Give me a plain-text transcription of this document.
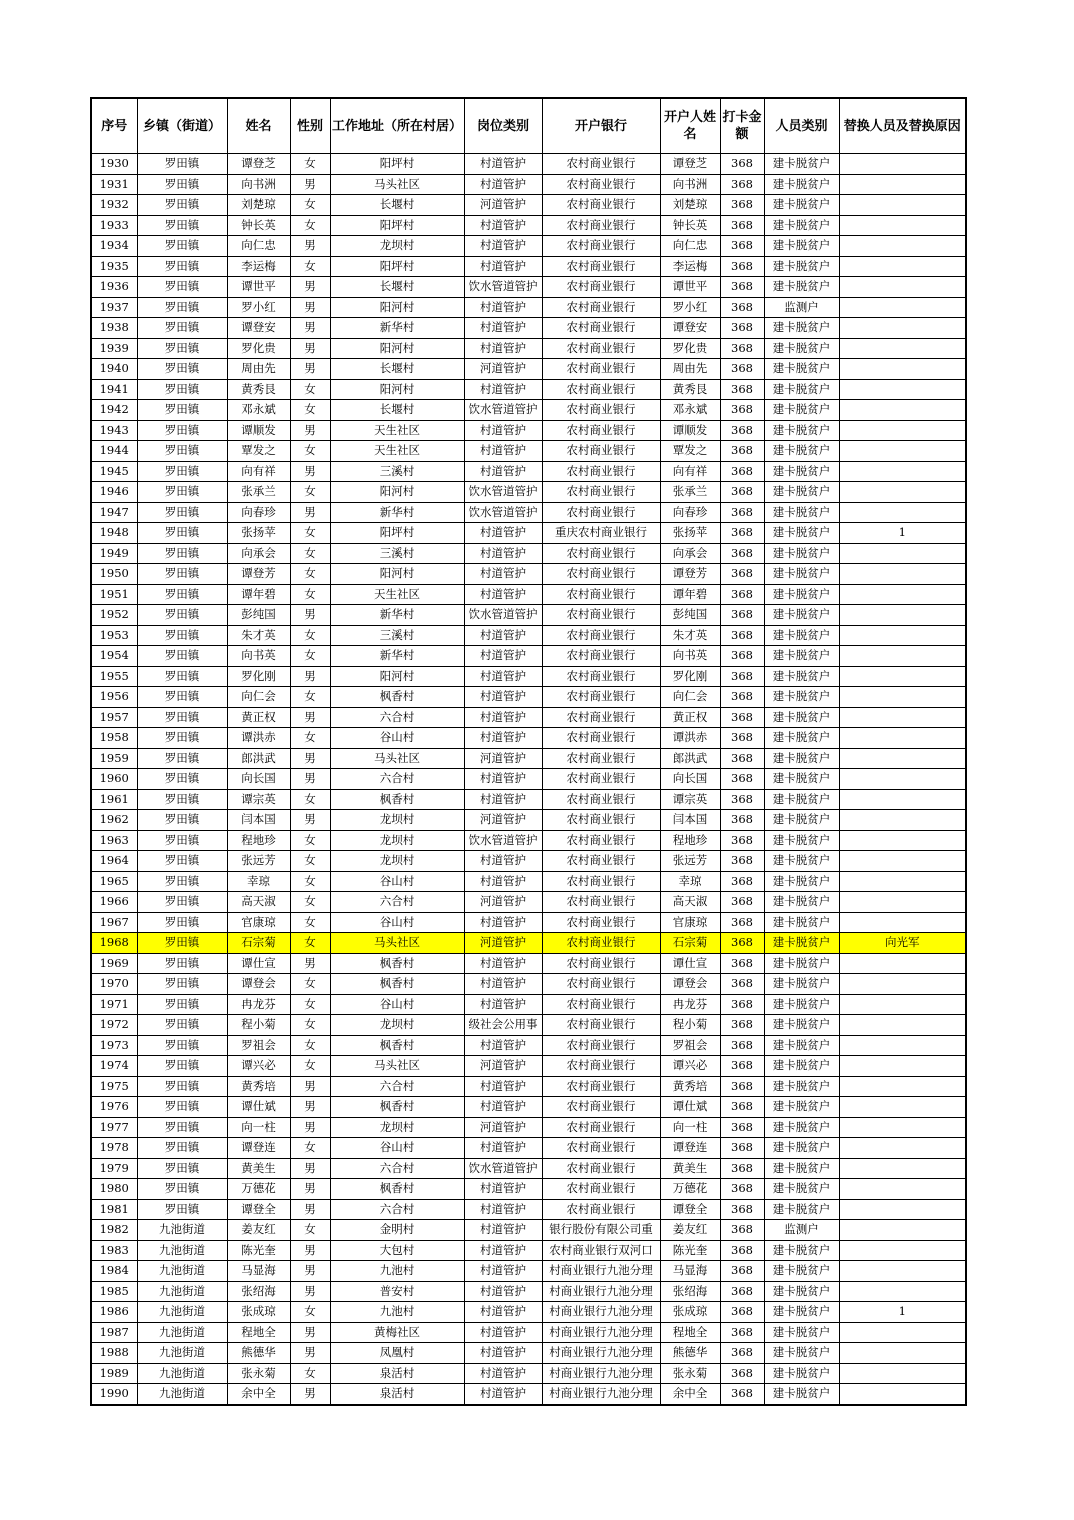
序号	乡镇（街道）	姓名	性别	工作地址（所在村居）	岗位类别	开户银行	开户人姓名	打卡金额	人员类别	替换人员及替换原因
1930	罗田镇	谭登芝	女	阳坪村	村道管护	农村商业银行	谭登芝	368	建卡脱贫户	
1931	罗田镇	向书洲	男	马头社区	村道管护	农村商业银行	向书洲	368	建卡脱贫户	
1932	罗田镇	刘楚琼	女	长堰村	河道管护	农村商业银行	刘楚琼	368	建卡脱贫户	
1933	罗田镇	钟长英	女	阳坪村	村道管护	农村商业银行	钟长英	368	建卡脱贫户	
1934	罗田镇	向仁忠	男	龙坝村	村道管护	农村商业银行	向仁忠	368	建卡脱贫户	
1935	罗田镇	李运梅	女	阳坪村	村道管护	农村商业银行	李运梅	368	建卡脱贫户	
1936	罗田镇	谭世平	男	长堰村	饮水管道管护	农村商业银行	谭世平	368	建卡脱贫户	
1937	罗田镇	罗小红	男	阳河村	村道管护	农村商业银行	罗小红	368	监测户	
1938	罗田镇	谭登安	男	新华村	村道管护	农村商业银行	谭登安	368	建卡脱贫户	
1939	罗田镇	罗化贵	男	阳河村	村道管护	农村商业银行	罗化贵	368	建卡脱贫户	
1940	罗田镇	周由先	男	长堰村	河道管护	农村商业银行	周由先	368	建卡脱贫户	
1941	罗田镇	黄秀艮	女	阳河村	村道管护	农村商业银行	黄秀艮	368	建卡脱贫户	
1942	罗田镇	邓永斌	女	长堰村	饮水管道管护	农村商业银行	邓永斌	368	建卡脱贫户	
1943	罗田镇	谭顺发	男	天生社区	村道管护	农村商业银行	谭顺发	368	建卡脱贫户	
1944	罗田镇	覃发之	女	天生社区	村道管护	农村商业银行	覃发之	368	建卡脱贫户	
1945	罗田镇	向有祥	男	三溪村	村道管护	农村商业银行	向有祥	368	建卡脱贫户	
1946	罗田镇	张承兰	女	阳河村	饮水管道管护	农村商业银行	张承兰	368	建卡脱贫户	
1947	罗田镇	向春珍	男	新华村	饮水管道管护	农村商业银行	向春珍	368	建卡脱贫户	
1948	罗田镇	张扬苹	女	阳坪村	村道管护	重庆农村商业银行	张扬苹	368	建卡脱贫户	1
1949	罗田镇	向承会	女	三溪村	村道管护	农村商业银行	向承会	368	建卡脱贫户	
1950	罗田镇	谭登芳	女	阳河村	村道管护	农村商业银行	谭登芳	368	建卡脱贫户	
1951	罗田镇	谭年碧	女	天生社区	村道管护	农村商业银行	谭年碧	368	建卡脱贫户	
1952	罗田镇	彭纯国	男	新华村	饮水管道管护	农村商业银行	彭纯国	368	建卡脱贫户	
1953	罗田镇	朱才英	女	三溪村	村道管护	农村商业银行	朱才英	368	建卡脱贫户	
1954	罗田镇	向书英	女	新华村	村道管护	农村商业银行	向书英	368	建卡脱贫户	
1955	罗田镇	罗化刚	男	阳河村	村道管护	农村商业银行	罗化刚	368	建卡脱贫户	
1956	罗田镇	向仁会	女	枫香村	村道管护	农村商业银行	向仁会	368	建卡脱贫户	
1957	罗田镇	黄正权	男	六合村	村道管护	农村商业银行	黄正权	368	建卡脱贫户	
1958	罗田镇	谭洪赤	女	谷山村	村道管护	农村商业银行	谭洪赤	368	建卡脱贫户	
1959	罗田镇	郎洪武	男	马头社区	河道管护	农村商业银行	郎洪武	368	建卡脱贫户	
1960	罗田镇	向长国	男	六合村	村道管护	农村商业银行	向长国	368	建卡脱贫户	
1961	罗田镇	谭宗英	女	枫香村	村道管护	农村商业银行	谭宗英	368	建卡脱贫户	
1962	罗田镇	闫本国	男	龙坝村	河道管护	农村商业银行	闫本国	368	建卡脱贫户	
1963	罗田镇	程地珍	女	龙坝村	饮水管道管护	农村商业银行	程地珍	368	建卡脱贫户	
1964	罗田镇	张远芳	女	龙坝村	村道管护	农村商业银行	张远芳	368	建卡脱贫户	
1965	罗田镇	幸琼	女	谷山村	村道管护	农村商业银行	幸琼	368	建卡脱贫户	
1966	罗田镇	高天淑	女	六合村	河道管护	农村商业银行	高天淑	368	建卡脱贫户	
1967	罗田镇	官康琼	女	谷山村	村道管护	农村商业银行	官康琼	368	建卡脱贫户	
1968	罗田镇	石宗菊	女	马头社区	河道管护	农村商业银行	石宗菊	368	建卡脱贫户	向光军
1969	罗田镇	谭仕宣	男	枫香村	村道管护	农村商业银行	谭仕宣	368	建卡脱贫户	
1970	罗田镇	谭登会	女	枫香村	村道管护	农村商业银行	谭登会	368	建卡脱贫户	
1971	罗田镇	冉龙芬	女	谷山村	村道管护	农村商业银行	冉龙芬	368	建卡脱贫户	
1972	罗田镇	程小菊	女	龙坝村	级社会公用事	农村商业银行	程小菊	368	建卡脱贫户	
1973	罗田镇	罗祖会	女	枫香村	村道管护	农村商业银行	罗祖会	368	建卡脱贫户	
1974	罗田镇	谭兴必	女	马头社区	河道管护	农村商业银行	谭兴必	368	建卡脱贫户	
1975	罗田镇	黄秀培	男	六合村	村道管护	农村商业银行	黄秀培	368	建卡脱贫户	
1976	罗田镇	谭仕斌	男	枫香村	村道管护	农村商业银行	谭仕斌	368	建卡脱贫户	
1977	罗田镇	向一柱	男	龙坝村	河道管护	农村商业银行	向一柱	368	建卡脱贫户	
1978	罗田镇	谭登连	女	谷山村	村道管护	农村商业银行	谭登连	368	建卡脱贫户	
1979	罗田镇	黄美生	男	六合村	饮水管道管护	农村商业银行	黄美生	368	建卡脱贫户	
1980	罗田镇	万德花	男	枫香村	村道管护	农村商业银行	万德花	368	建卡脱贫户	
1981	罗田镇	谭登全	男	六合村	村道管护	农村商业银行	谭登全	368	建卡脱贫户	
1982	九池街道	姜友红	女	金明村	村道管护	银行股份有限公司重	姜友红	368	监测户	
1983	九池街道	陈光奎	男	大包村	村道管护	农村商业银行双河口	陈光奎	368	建卡脱贫户	
1984	九池街道	马显海	男	九池村	村道管护	村商业银行九池分理	马显海	368	建卡脱贫户	
1985	九池街道	张绍海	男	普安村	村道管护	村商业银行九池分理	张绍海	368	建卡脱贫户	
1986	九池街道	张成琼	女	九池村	村道管护	村商业银行九池分理	张成琼	368	建卡脱贫户	1
1987	九池街道	程地全	男	黄梅社区	村道管护	村商业银行九池分理	程地全	368	建卡脱贫户	
1988	九池街道	熊德华	男	凤凰村	村道管护	村商业银行九池分理	熊德华	368	建卡脱贫户	
1989	九池街道	张永菊	女	泉活村	村道管护	村商业银行九池分理	张永菊	368	建卡脱贫户	
1990	九池街道	余中全	男	泉活村	村道管护	村商业银行九池分理	余中全	368	建卡脱贫户	
